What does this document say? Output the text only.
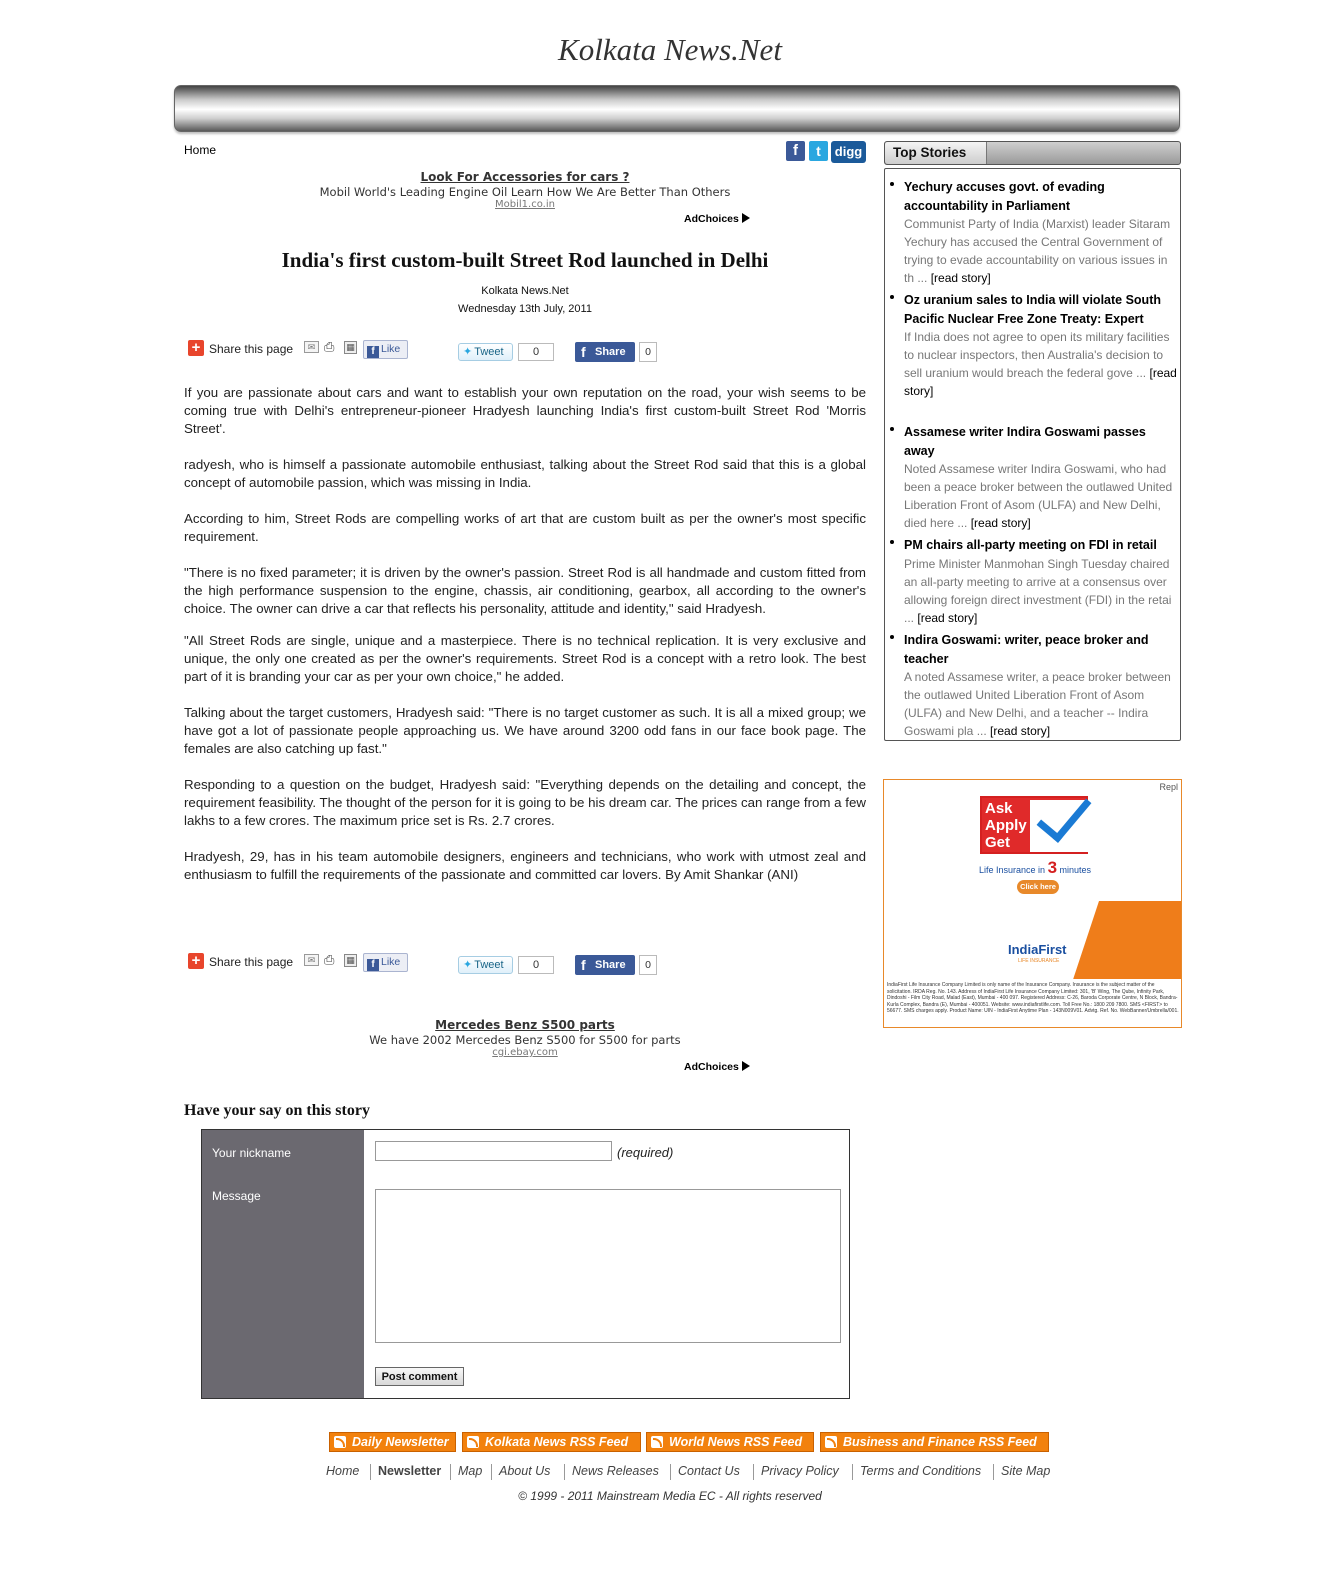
Kolkata News.Net
Home	f	t	digg
Look For Accessories for cars ?
Mobil World's Leading Engine Oil Learn How We Are Better Than Others
Mobil1.co.in
AdChoices
India's first custom-built Street Rod launched in Delhi
Kolkata News.Net
Wednesday 13th July, 2011
+ Share this page	✉ ⎙	▦	f Like	✦ Tweet	0	f Share	0

If you are passionate about cars and want to establish your own reputation on the road, your wish seems to be coming true with Delhi's entrepreneur-pioneer Hradyesh launching India's first custom-built Street Rod 'Morris Street'.

radyesh, who is himself a passionate automobile enthusiast, talking about the Street Rod said that this is a global concept of automobile passion, which was missing in India.

According to him, Street Rods are compelling works of art that are custom built as per the owner's most specific requirement.

"There is no fixed parameter; it is driven by the owner's passion. Street Rod is all handmade and custom fitted from the high performance suspension to the engine, chassis, air conditioning, gearbox, all according to the owner's choice. The owner can drive a car that reflects his personality, attitude and identity," said Hradyesh.

"All Street Rods are single, unique and a masterpiece. There is no technical replication. It is very exclusive and unique, the only one created as per the owner's requirements. Street Rod is a concept with a retro look. The best part of it is branding your car as per your own choice," he added.

Talking about the target customers, Hradyesh said: "There is no target customer as such. It is all a mixed group; we have got a lot of passionate people approaching us. We have around 3200 odd fans in our face book page. The females are also catching up fast."

Responding to a question on the budget, Hradyesh said: "Everything depends on the detailing and concept, the requirement feasibility. The thought of the person for it is going to be his dream car. The prices can range from a few lakhs to a few crores. The maximum price set is Rs. 2.7 crores.

Hradyesh, 29, has in his team automobile designers, engineers and technicians, who work with utmost zeal and enthusiasm to fulfill the requirements of the passionate and committed car lovers. By Amit Shankar (ANI)

+ Share this page	✉ ⎙	▦	f Like	✦ Tweet	0	f Share	0
Mercedes Benz S500 parts
We have 2002 Mercedes Benz S500 for S500 for parts
cgi.ebay.com
AdChoices
Have your say on this story
Your nickname	(required)
Message
Post comment
Top Stories
Yechury accuses govt. of evading accountability in Parliament
Communist Party of India (Marxist) leader Sitaram Yechury has accused the Central Government of trying to evade accountability on various issues in th ... [read story]
Oz uranium sales to India will violate South Pacific Nuclear Free Zone Treaty: Expert
If India does not agree to open its military facilities to nuclear inspectors, then Australia's decision to sell uranium would breach the federal gove ... [read story]
Assamese writer Indira Goswami passes away
Noted Assamese writer Indira Goswami, who had been a peace broker between the outlawed United Liberation Front of Asom (ULFA) and New Delhi, died here ... [read story]
PM chairs all-party meeting on FDI in retail
Prime Minister Manmohan Singh Tuesday chaired an all-party meeting to arrive at a consensus over allowing foreign direct investment (FDI) in the retai ... [read story]
Indira Goswami: writer, peace broker and teacher
A noted Assamese writer, a peace broker between the outlawed United Liberation Front of Asom (ULFA) and New Delhi, and a teacher -- Indira Goswami pla ... [read story]
Repl
Ask
Apply
Get
Life Insurance in 3 minutes
Click here
IndiaFirst
LIFE INSURANCE
IndiaFirst Life Insurance Company Limited is only name of the Insurance Company. Insurance is the subject matter of the solicitation. IRDA Reg. No. 143. Address of IndiaFirst Life Insurance Company Limited: 301, 'B' Wing, The Qube, Infinity Park, Dindoshi - Film City Road, Malad (East), Mumbai - 400 097. Registered Address: C-26, Baroda Corporate Centre, N Block, Bandra-Kurla Complex, Bandra (E), Mumbai - 400051. Website: www.indiafirstlife.com. Toll Free No.: 1800 209 7800. SMS <FIRST> to 56677. SMS charges apply. Product Name: UIN - IndiaFirst Anytime Plan - 143N009V01. Advtg. Ref. No. WebBanner/Umbrella/001.
Daily Newsletter	Kolkata News RSS Feed	World News RSS Feed	Business and Finance RSS Feed
Home Newsletter Map About Us News Releases Contact Us Privacy Policy Terms and Conditions Site Map
© 1999 - 2011 Mainstream Media EC - All rights reserved
